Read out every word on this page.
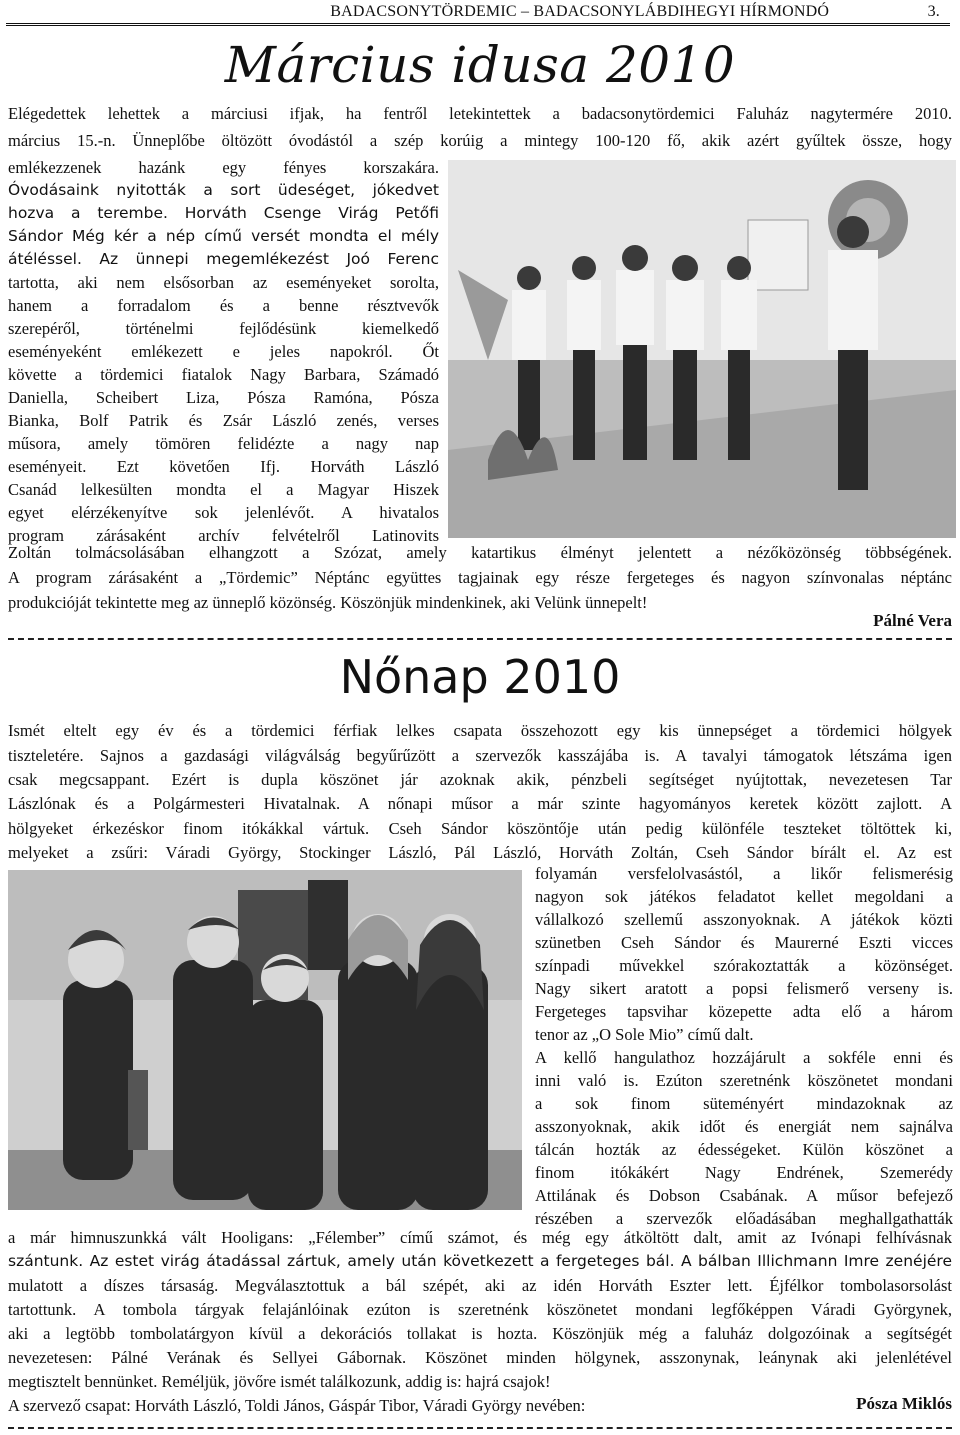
BADACSONYTÖRDEMIC – BADACSONYLÁBDIHEGYI HÍRMONDÓ	3.
Március idusa 2010
Elégedettek lehettek a márciusi ifjak, ha fentről letekintettek a badacsonytördemici Faluház nagytermére 2010.
március 15.-n. Ünneplőbe öltözött óvodástól a szép korúig a mintegy 100-120 fő, akik azért gyűltek össze, hogy
emlékezzenek hazánk egy fényes korszakára.
Óvodásaink nyitották a sort üdeséget, jókedvet
hozva a terembe. Horváth Csenge Virág Petőfi
Sándor Még kér a nép című versét mondta el mély
átéléssel. Az ünnepi megemlékezést Joó Ferenc
tartotta, aki nem elsősorban az eseményeket sorolta,
hanem a forradalom és a benne résztvevők
szerepéről, történelmi fejlődésünk kiemelkedő
eseményeként emlékezett e jeles napokról. Őt
követte a tördemici fiatalok Nagy Barbara, Számadó
Daniella, Scheibert Liza, Pósza Ramóna, Pósza
Bianka, Bolf Patrik és Zsár László zenés, verses
műsora, amely tömören felidézte a nagy nap
eseményeit. Ezt követően Ifj. Horváth László
Csanád lelkesülten mondta el a Magyar Hiszek
egyet elérzékenyítve sok jelenlévőt. A hivatalos
program zárásaként archív felvételről Latinovits
Zoltán tolmácsolásában elhangzott a Szózat, amely katartikus élményt jelentett a nézőközönség többségének.
A program zárásaként a „Tördemic” Néptánc együttes tagjainak egy része fergeteges és nagyon színvonalas néptánc
produkcióját tekintette meg az ünneplő közönség. Köszönjük mindenkinek, aki Velünk ünnepelt!
Pálné Vera
Nőnap 2010
Ismét eltelt egy év és a tördemici férfiak lelkes csapata összehozott egy kis ünnepséget a tördemici hölgyek
tiszteletére. Sajnos a gazdasági világválság begyűrűzött a szervezők kasszájába is. A tavalyi támogatok létszáma igen
csak megcsappant. Ezért is dupla köszönet jár azoknak akik, pénzbeli segítséget nyújtottak, nevezetesen Tar
Lászlónak és a Polgármesteri Hivatalnak. A nőnapi műsor a már szinte hagyományos keretek között zajlott. A
hölgyeket érkezéskor finom itókákkal vártuk. Cseh Sándor köszöntője után pedig különféle teszteket töltöttek ki,
melyeket a zsűri: Váradi György, Stockinger László, Pál László, Horváth Zoltán, Cseh Sándor bírált el. Az est
folyamán versfelolvasástól, a likőr felismerésig
nagyon sok játékos feladatot kellet megoldani a
vállalkozó szellemű asszonyoknak. A játékok közti
szünetben Cseh Sándor és Maurerné Eszti vicces
színpadi művekkel szórakoztatták a közönséget.
Nagy sikert aratott a popsi felismerő verseny is.
Fergeteges tapsvihar közepette adta elő a három
tenor az „O Sole Mio” című dalt.
A kellő hangulathoz hozzájárult a sokféle enni és
inni való is. Ezúton szeretnénk köszönetet mondani
a sok finom süteményért mindazoknak az
asszonyoknak, akik időt és energiát nem sajnálva
tálcán hozták az édességeket. Külön köszönet a
finom itókákért Nagy Endrének, Szemerédy
Attilának és Dobson Csabának. A műsor befejező
részében a szervezők előadásában meghallgathatták
a már himnuszunkká vált Hooligans: „Félember” című számot, és még egy átköltött dalt, amit az Ivónapi felhívásnak
szántunk. Az estet virág átadással zártuk, amely után következett a fergeteges bál. A bálban Illichmann Imre zenéjére
mulatott a díszes társaság. Megválasztottuk a bál szépét, aki az idén Horváth Eszter lett. Éjfélkor tombolasorsolást
tartottunk. A tombola tárgyak felajánlóinak ezúton is szeretnénk köszönetet mondani legfőképpen Váradi Györgynek,
aki a legtöbb tombolatárgyon kívül a dekorációs tollakat is hozta. Köszönjük még a faluház dolgozóinak a segítségét
nevezetesen: Pálné Verának és Sellyei Gábornak. Köszönet minden hölgynek, asszonynak, leánynak aki jelenlétével
megtisztelt bennünket. Reméljük, jövőre ismét találkozunk, addig is: hajrá csajok!
A szervező csapat: Horváth László, Toldi János, Gáspár Tibor, Váradi György nevében:	Pósza Miklós
